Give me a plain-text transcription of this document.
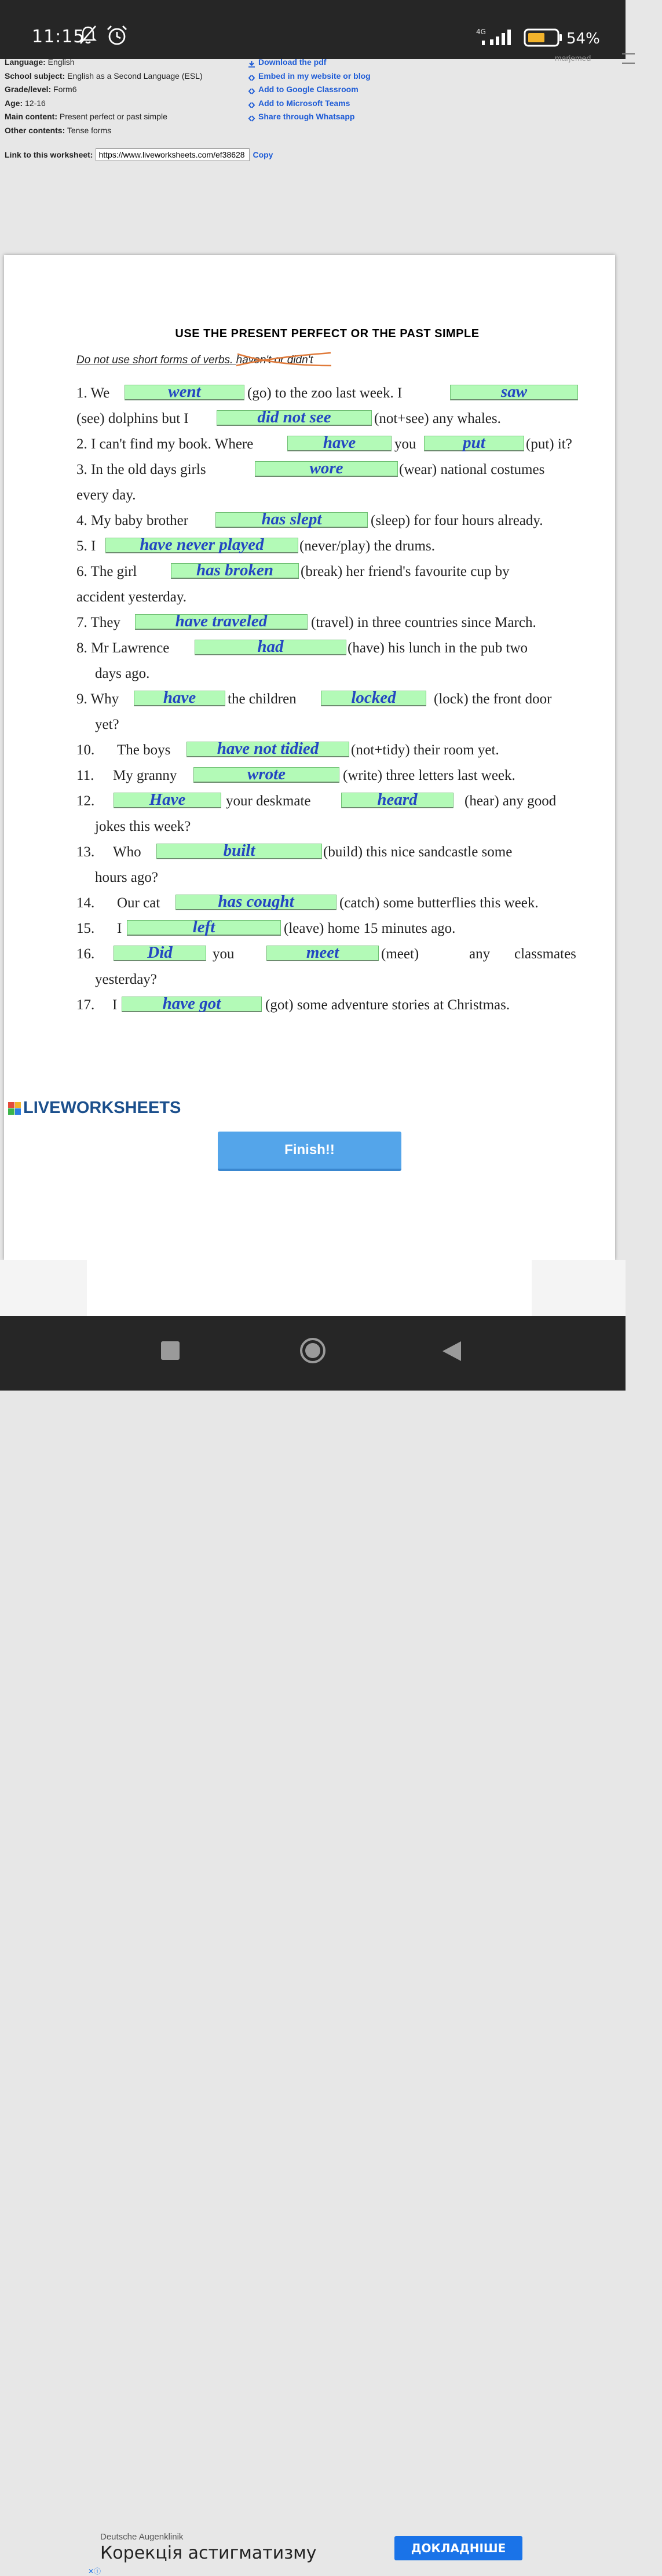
11:15	4G	54%
Language: English
School subject: English as a Second Language (ESL)
Grade/level: Form6
Age: 12-16
Main content: Present perfect or past simple
Other contents: Tense forms
Download the pdf
Embed in my website or blog
Add to Google Classroom
Add to Microsoft Teams
Share through Whatsapp
marjemed
Link to this worksheet:
https://www.liveworksheets.com/ef38628	Copy
USE THE PRESENT PERFECT OR THE PAST SIMPLE
Do not use short forms of verbs. haven't or didn't
1. We	went	(go) to the zoo last week. I	saw
(see) dolphins but I	did not see	(not+see) any whales.
2. I can't find my book. Where	have	you	put	(put) it?
3. In the old days girls	wore	(wear) national costumes
every day.
4. My baby brother	has slept	(sleep) for four hours already.
5. I	have never played	(never/play) the drums.
6. The girl	has broken	(break) her friend's favourite cup by
accident yesterday.
7. They	have traveled	(travel) in three countries since March.
8. Mr Lawrence	had	(have) his lunch in the pub two
days ago.
9. Why	have	the children	locked	(lock) the front door
yet?
10. The boys	have not tidied	(not+tidy) their room yet.
11. My granny	wrote	(write) three letters last week.
12.	Have	your deskmate	heard	(hear) any good
jokes this week?
13. Who	built	(build) this nice sandcastle some
hours ago?
14. Our cat	has cought	(catch) some butterflies this week.
15. I	left	(leave) home 15 minutes ago.
16.	Did	you	meet	(meet)	any classmates
yesterday?
17. I	have got	(got) some adventure stories at Christmas.
LIVEWORKSHEETS
Finish!!
Deutsche Augenklinik
Корекція астигматизму	ДОКЛАДНІШЕ
✕ⓘ
